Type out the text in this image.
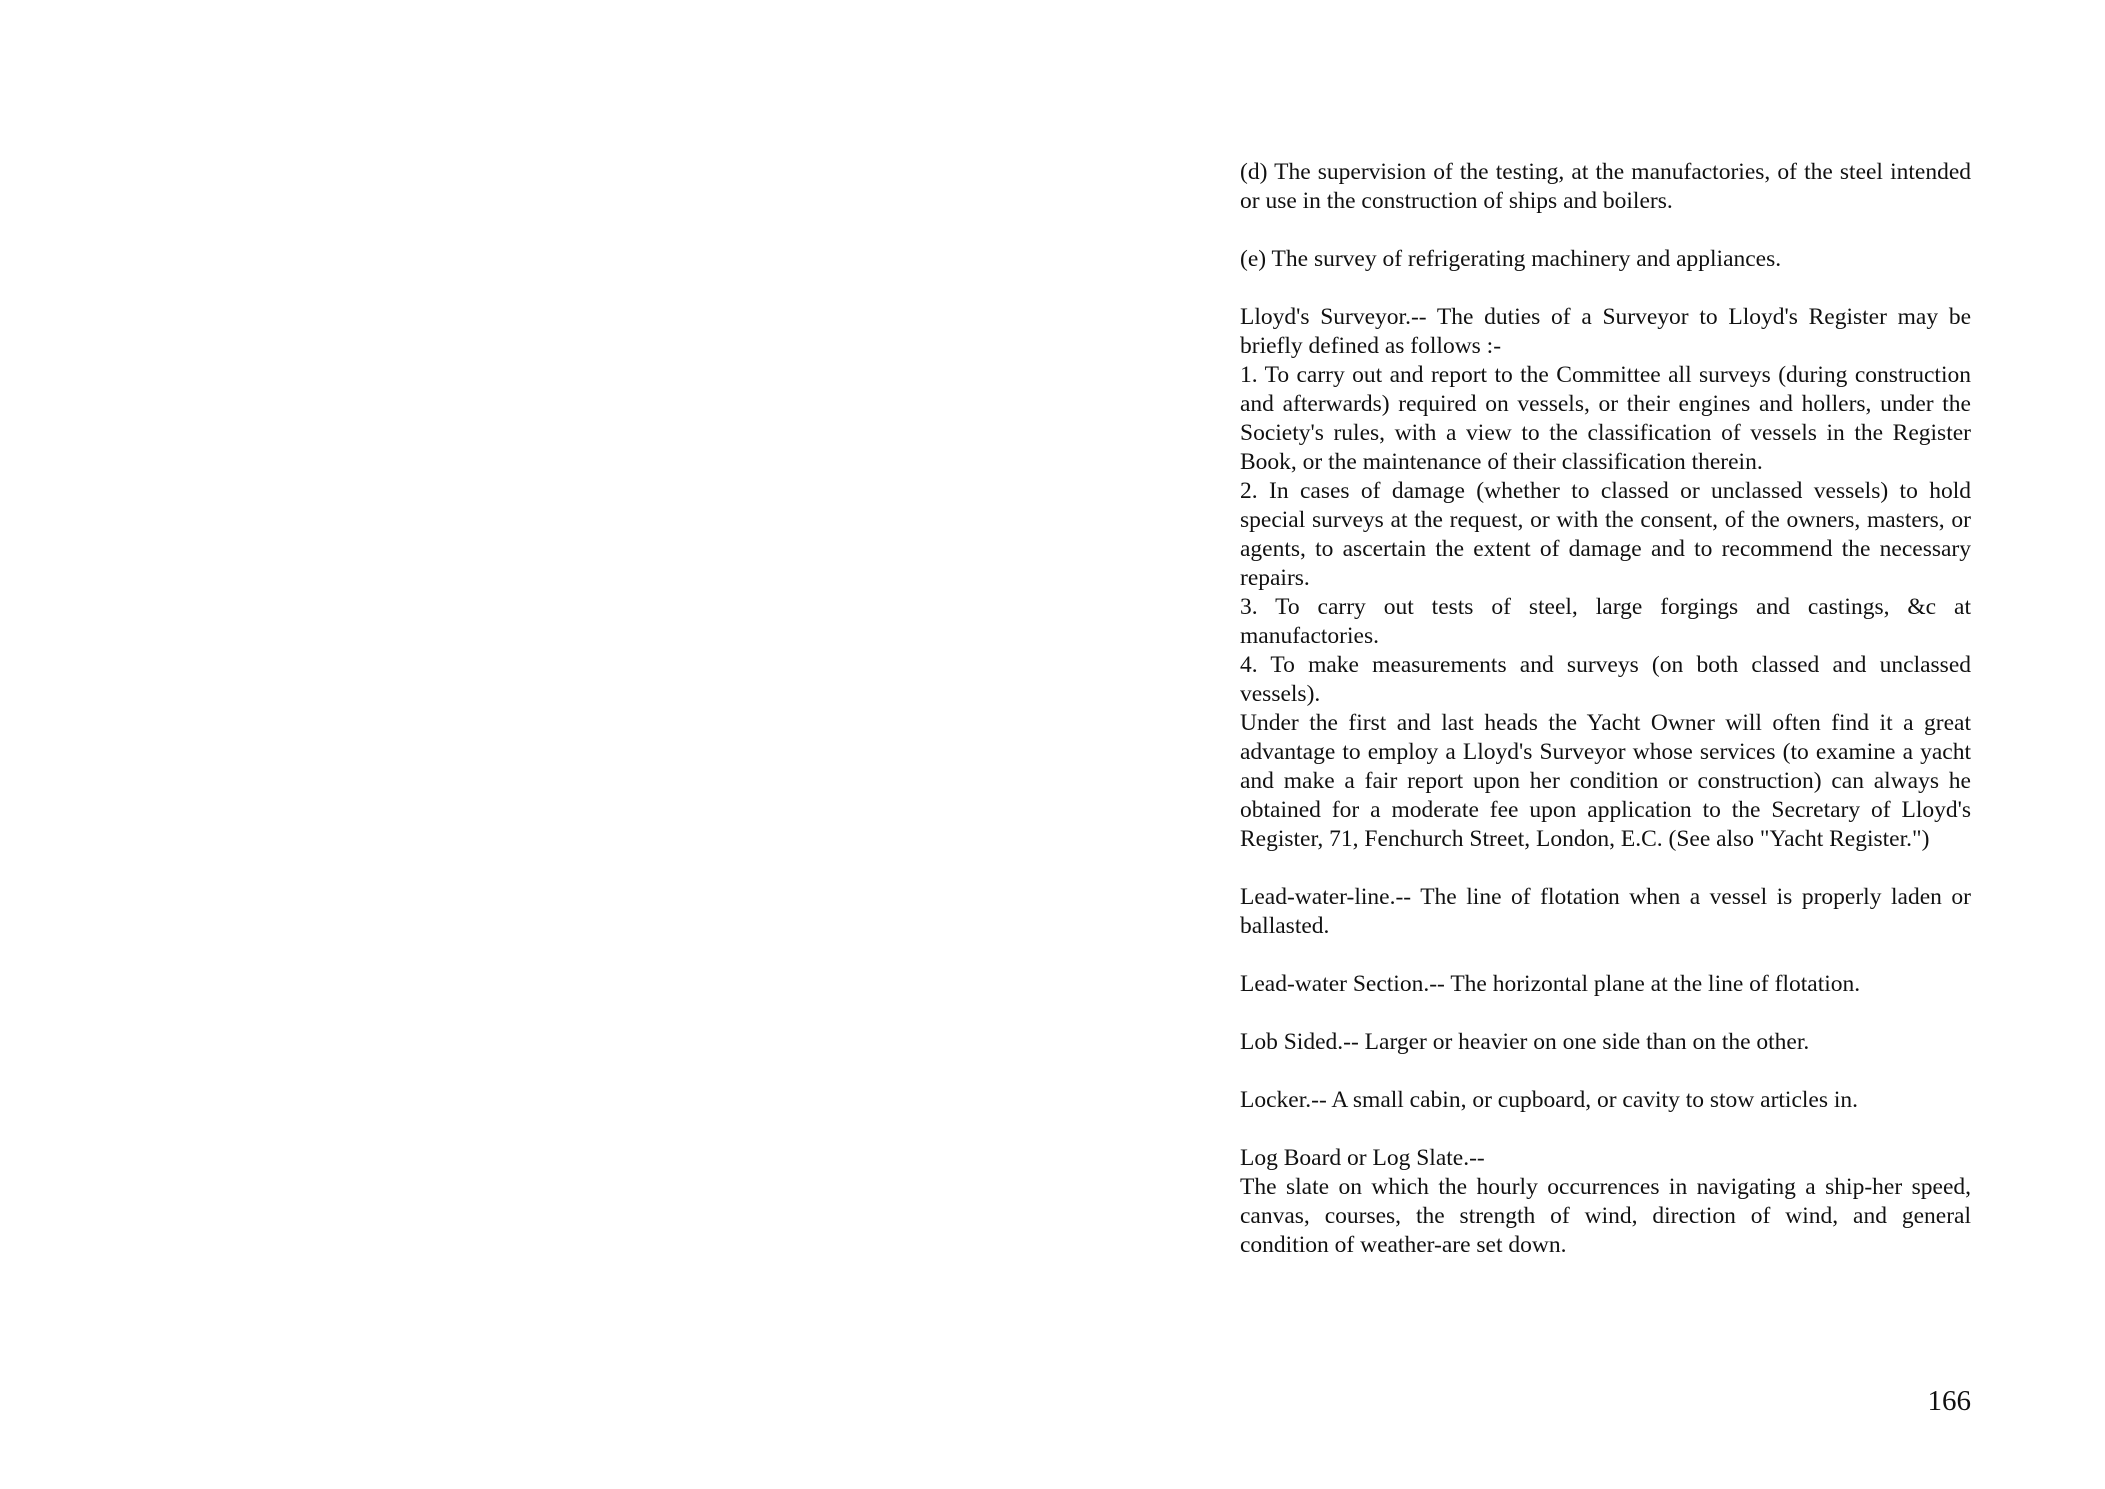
(d) The supervision of the testing, at the manufactories, of the steel intended or use in the construction of ships and boilers.

(e) The survey of refrigerating machinery and appliances.

Lloyd's Surveyor.-- The duties of a Surveyor to Lloyd's Register may be briefly defined as follows :-

1. To carry out and report to the Committee all surveys (during construction and afterwards) required on vessels, or their engines and hollers, under the Society's rules, with a view to the classification of vessels in the Register Book, or the maintenance of their classification therein.

2. In cases of damage (whether to classed or unclassed vessels) to hold special surveys at the request, or with the consent, of the owners, masters, or agents, to ascertain the extent of damage and to recommend the necessary repairs.

3. To carry out tests of steel, large forgings and castings, &c at manufactories.

4. To make measurements and surveys (on both classed and unclassed vessels).

Under the first and last heads the Yacht Owner will often find it a great advantage to employ a Lloyd's Surveyor whose services (to examine a yacht and make a fair report upon her condition or construction) can always he obtained for a moderate fee upon application to the Secretary of Lloyd's Register, 71, Fenchurch Street, London, E.C. (See also "Yacht Register.")

Lead-water-line.-- The line of flotation when a vessel is properly laden or ballasted.

Lead-water Section.-- The horizontal plane at the line of flotation.

Lob Sided.-- Larger or heavier on one side than on the other.

Locker.-- A small cabin, or cupboard, or cavity to stow articles in.

Log Board or Log Slate.--

The slate on which the hourly occurrences in navigating a ship-her speed, canvas, courses, the strength of wind, direction of wind, and general condition of weather-are set down.

166
